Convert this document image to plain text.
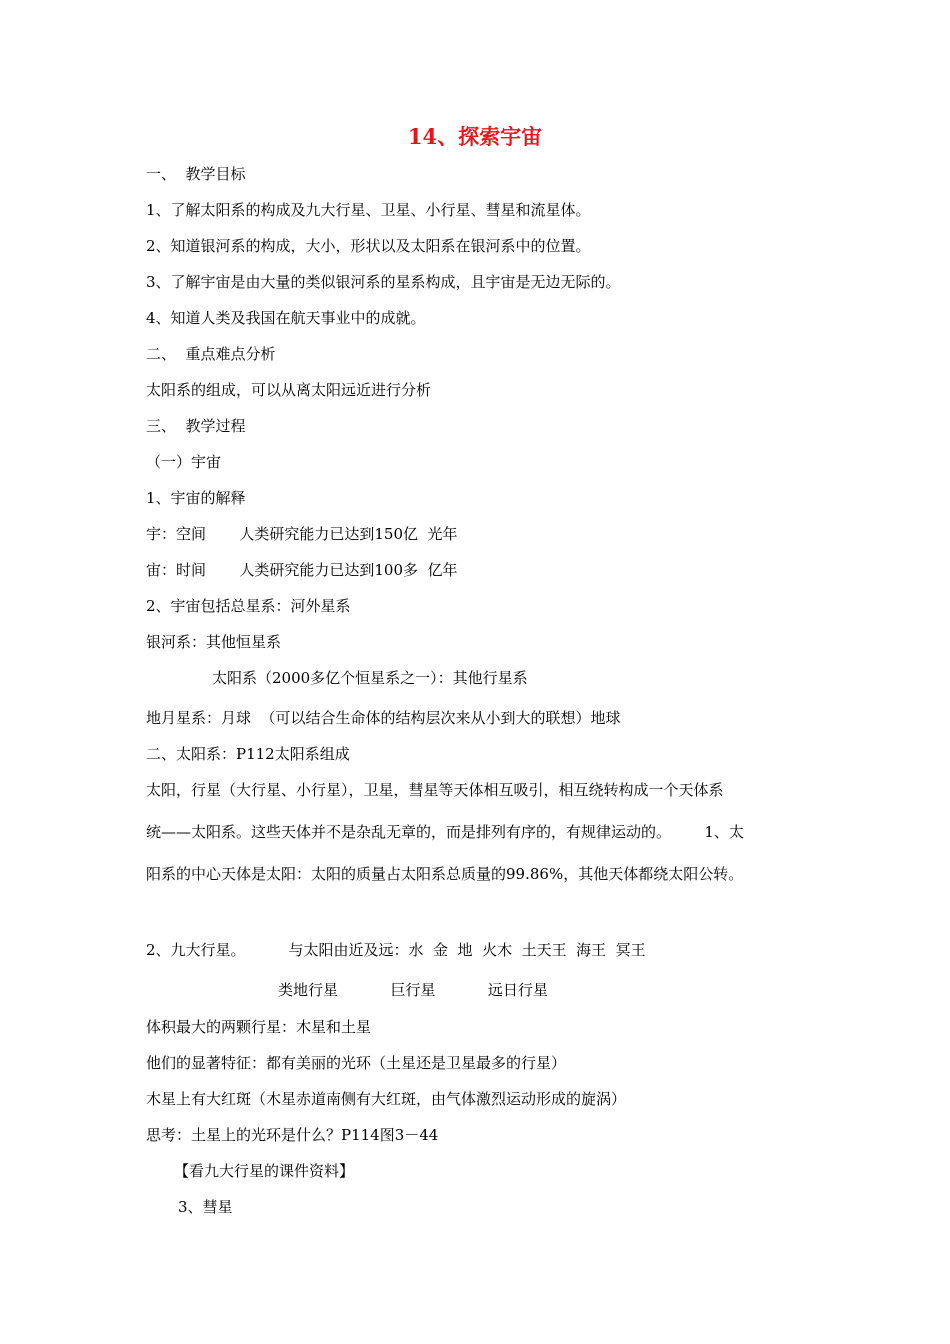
14、探索宇宙
一、  教学目标
1、了解太阳系的构成及九大行星、卫星、小行星、彗星和流星体。
2、知道银河系的构成，大小，形状以及太阳系在银河系中的位置。
3、了解宇宙是由大量的类似银河系的星系构成，且宇宙是无边无际的。
4、知道人类及我国在航天事业中的成就。
二、  重点难点分析
太阳系的组成，可以从离太阳远近进行分析
三、  教学过程
（一）宇宙
1、宇宙的解释
宇：空间       人类研究能力已达到150亿  光年
宙：时间       人类研究能力已达到100多  亿年
2、宇宙包括总星系：河外星系
银河系：其他恒星系
太阳系（2000多亿个恒星系之一）：其他行星系
地月星系：月球  （可以结合生命体的结构层次来从小到大的联想）地球
二、太阳系：P112太阳系组成
太阳，行星（大行星、小行星），卫星，彗星等天体相互吸引，相互绕转构成一个天体系
统——太阳系。这些天体并不是杂乱无章的，而是排列有序的，有规律运动的。       1、太
阳系的中心天体是太阳：太阳的质量占太阳系总质量的99.86%，其他天体都绕太阳公转。
2、九大行星。         与太阳由近及远：水  金  地  火木  土天王  海王  冥王
类地行星           巨行星           远日行星
体积最大的两颗行星：木星和土星
他们的显著特征：都有美丽的光环（土星还是卫星最多的行星）
木星上有大红斑（木星赤道南侧有大红斑，由气体激烈运动形成的旋涡）
思考：土星上的光环是什么？P114图3－44
【看九大行星的课件资料】
3、彗星
